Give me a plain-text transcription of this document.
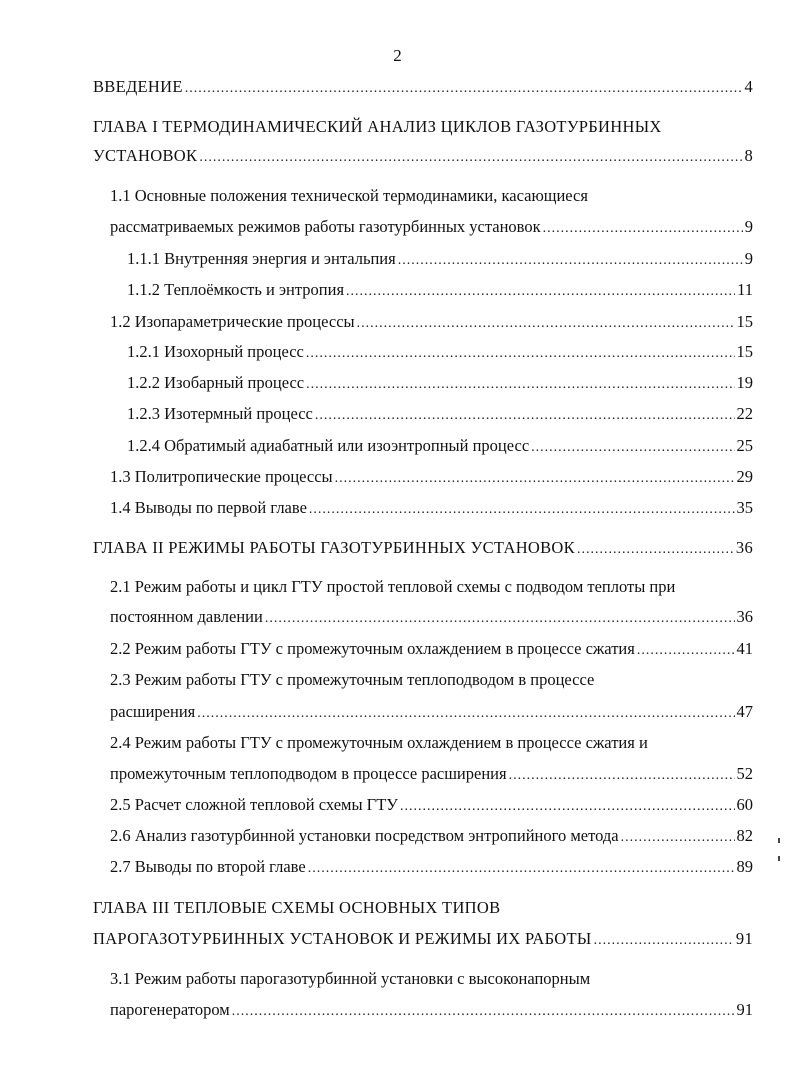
2
ВВЕДЕНИЕ .....	4
ГЛАВА I ТЕРМОДИНАМИЧЕСКИЙ АНАЛИЗ ЦИКЛОВ ГАЗОТУРБИННЫХ
УСТАНОВОК .....	8
1.1 Основные положения технической термодинамики, касающиеся
рассматриваемых режимов работы газотурбинных установок .....	9
1.1.1 Внутренняя энергия и энтальпия .....	9
1.1.2 Теплоёмкость и энтропия .....	11
1.2 Изопараметрические процессы .....	15
1.2.1 Изохорный процесс .....	15
1.2.2 Изобарный процесс .....	19
1.2.3 Изотермный процесс .....	22
1.2.4 Обратимый адиабатный или изоэнтропный процесс .....	25
1.3 Политропические процессы .....	29
1.4 Выводы по первой главе .....	35
ГЛАВА II РЕЖИМЫ РАБОТЫ ГАЗОТУРБИННЫХ УСТАНОВОК .....	36
2.1 Режим работы и цикл ГТУ простой тепловой схемы с подводом теплоты при
постоянном давлении .....	36
2.2 Режим работы ГТУ с промежуточным охлаждением в процессе сжатия .....	41
2.3 Режим работы ГТУ с промежуточным теплоподводом в процессе
расширения .....	47
2.4 Режим работы ГТУ с промежуточным охлаждением в процессе сжатия и
промежуточным теплоподводом в процессе расширения .....	52
2.5 Расчет сложной тепловой схемы ГТУ .....	60
2.6 Анализ газотурбинной установки посредством энтропийного метода .....	82
2.7 Выводы по второй главе .....	89
ГЛАВА III ТЕПЛОВЫЕ СХЕМЫ ОСНОВНЫХ ТИПОВ
ПАРОГАЗОТУРБИННЫХ УСТАНОВОК И РЕЖИМЫ ИХ РАБОТЫ .....	91
3.1 Режим работы парогазотурбинной установки с высоконапорным
парогенератором .....	91
